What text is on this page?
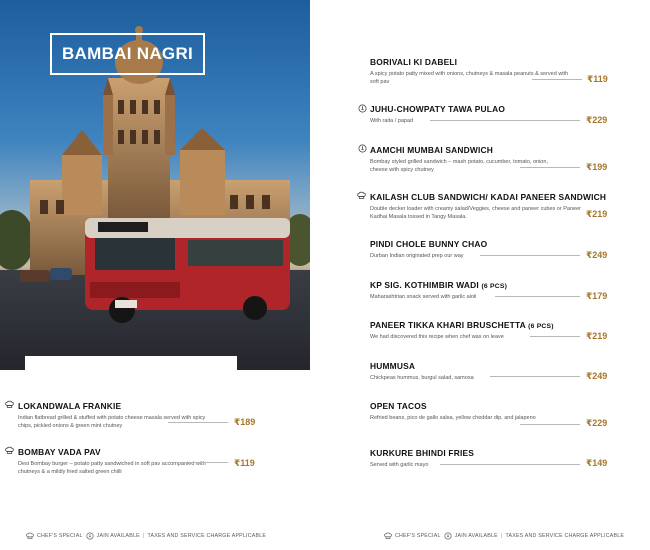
BAMBAI NAGRI
LOKANDWALA FRANKIE
Indian flatbread grilled & stuffed with potato cheese masala served with spicy chips, pickled onions & green mint chutney	₹189
BOMBAY VADA PAV
Desi Bombay burger – potato patty sandwiched in soft pav accompanied with chutneys & a mildly fried salted green chilli
₹119
CHEF'S SPECIAL	JAIN AVAILABLE | TAXES AND SERVICE CHARGE APPLICABLE
BORIVALI KI DABELI
A spicy potato patty mixed with onions, chutneys & masala peanuts & served with soft pav	₹119
JUHU-CHOWPATY TAWA PULAO
With raita / papad	₹229
AAMCHI MUMBAI SANDWICH
Bombay styled grilled sandwich – mash potato, cucumber, tomato, onion, cheese with spicy chutney	₹199
KAILASH CLUB SANDWICH/ KADAI PANEER SANDWICH
Double decker loader with creamy salad/Veggies, cheese and paneer cubes or Paneer Kadhai Masala tossed in Tangy Masala.	₹219
PINDI CHOLE BUNNY CHAO
Durban Indian originated prep our way	₹249
KP SIG. KOTHIMBIR WADI (6 PCS)
Maharashtrian snack served with garlic aioli	₹179
PANEER TIKKA KHARI BRUSCHETTA (6 PCS)
We had discovered this recipe when chef was on leave	₹219
HUMMUSA
Chickpeas hummus, burgul salad, samosa	₹249
OPEN TACOS
Refried beans, pico de gallo salsa, yellow cheddar dip, and jalapeno	₹229
KURKURE BHINDI FRIES
Served with garlic mayo	₹149
CHEF'S SPECIAL	JAIN AVAILABLE | TAXES AND SERVICE CHARGE APPLICABLE
